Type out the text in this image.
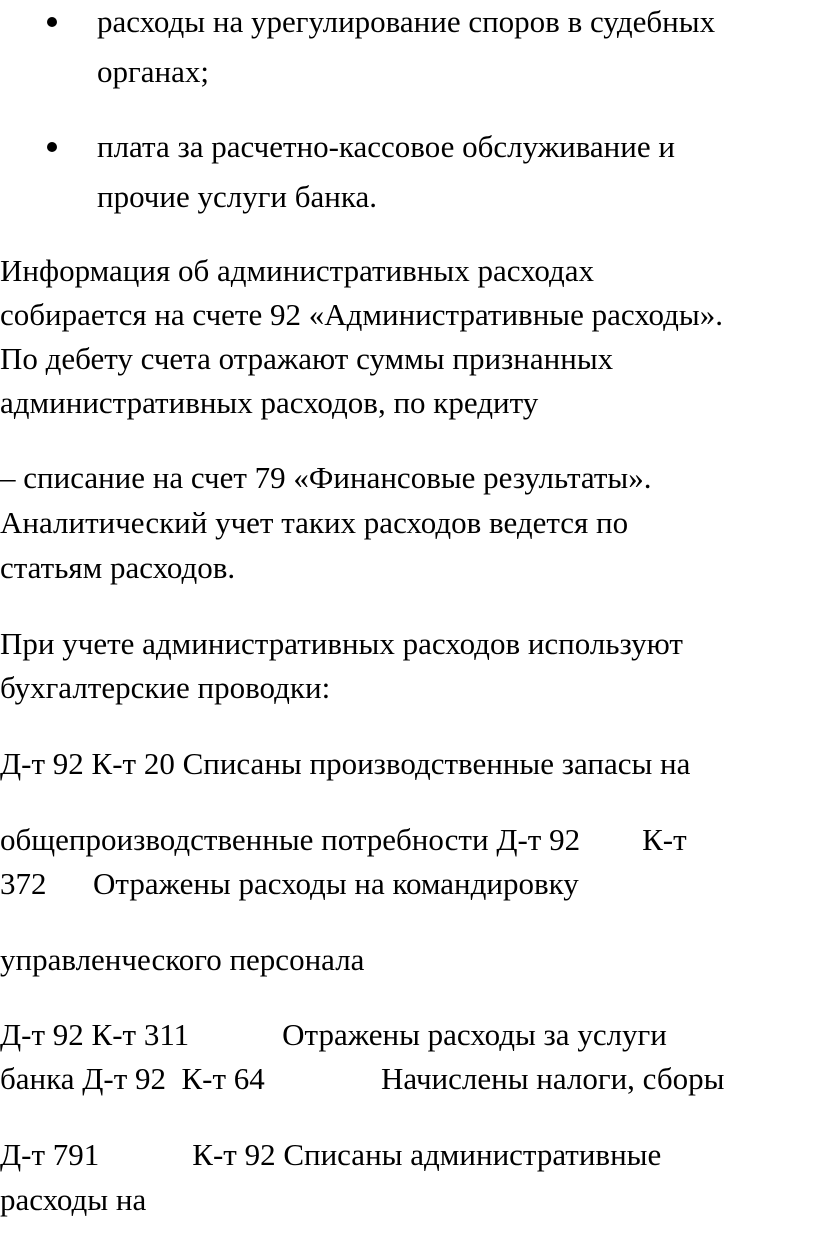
расходы на урегулирование споров в судебных
органах;
плата за расчетно-кассовое обслуживание и
прочие услуги банка.
Информация об административных расходах
собирается на счете 92 «Административные расходы».
По дебету счета отражают суммы признанных
административных расходов, по кредиту
– списание на счет 79 «Финансовые результаты».
Аналитический учет таких расходов ведется по
статьям расходов.
При учете административных расходов используют
бухгалтерские проводки:
Д-т 92 К-т 20 Списаны производственные запасы на
общепроизводственные потребности Д-т 92        К-т
372      Отражены расходы на командировку
управленческого персонала
Д-т 92 К-т 311            Отражены расходы за услуги
банка Д-т 92  К-т 64               Начислены налоги, сборы
Д-т 791            К-т 92 Списаны административные
расходы на
